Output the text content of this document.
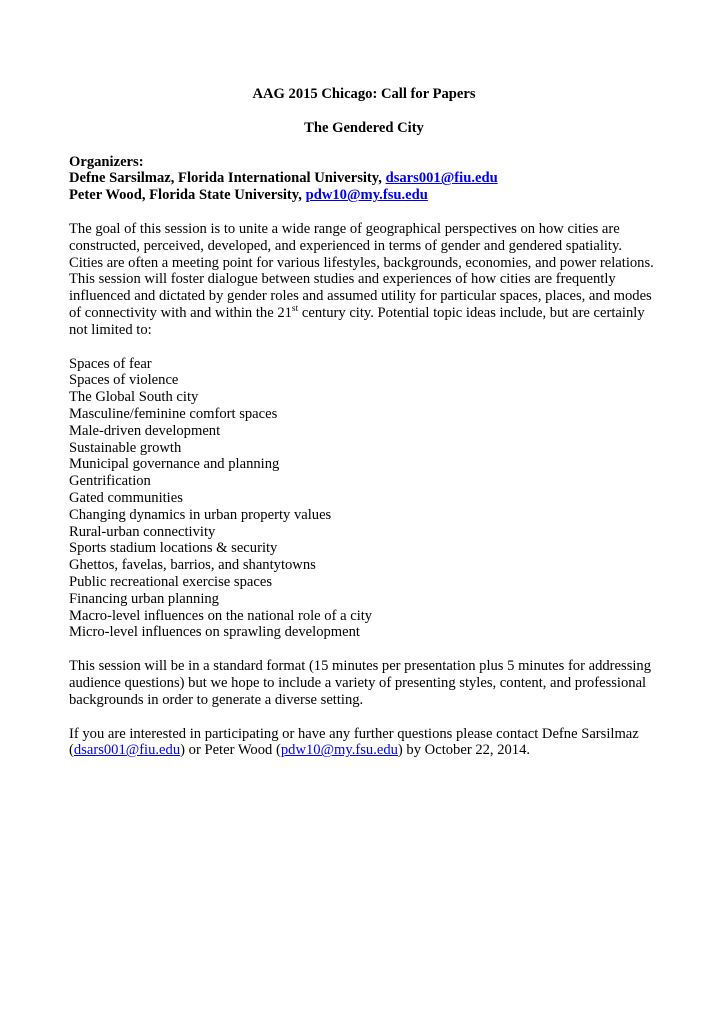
AAG 2015 Chicago: Call for Papers

The Gendered City

Organizers:
Defne Sarsilmaz, Florida International University, dsars001@fiu.edu
Peter Wood, Florida State University, pdw10@my.fsu.edu

The goal of this session is to unite a wide range of geographical perspectives on how cities are constructed, perceived, developed, and experienced in terms of gender and gendered spatiality. Cities are often a meeting point for various lifestyles, backgrounds, economies, and power relations. This session will foster dialogue between studies and experiences of how cities are frequently influenced and dictated by gender roles and assumed utility for particular spaces, places, and modes of connectivity with and within the 21st century city. Potential topic ideas include, but are certainly not limited to:

Spaces of fear
Spaces of violence
The Global South city
Masculine/feminine comfort spaces
Male-driven development
Sustainable growth
Municipal governance and planning
Gentrification
Gated communities
Changing dynamics in urban property values
Rural-urban connectivity
Sports stadium locations & security
Ghettos, favelas, barrios, and shantytowns
Public recreational exercise spaces
Financing urban planning
Macro-level influences on the national role of a city
Micro-level influences on sprawling development

This session will be in a standard format (15 minutes per presentation plus 5 minutes for addressing audience questions) but we hope to include a variety of presenting styles, content, and professional backgrounds in order to generate a diverse setting.

If you are interested in participating or have any further questions please contact Defne Sarsilmaz (dsars001@fiu.edu) or Peter Wood (pdw10@my.fsu.edu) by October 22, 2014.
